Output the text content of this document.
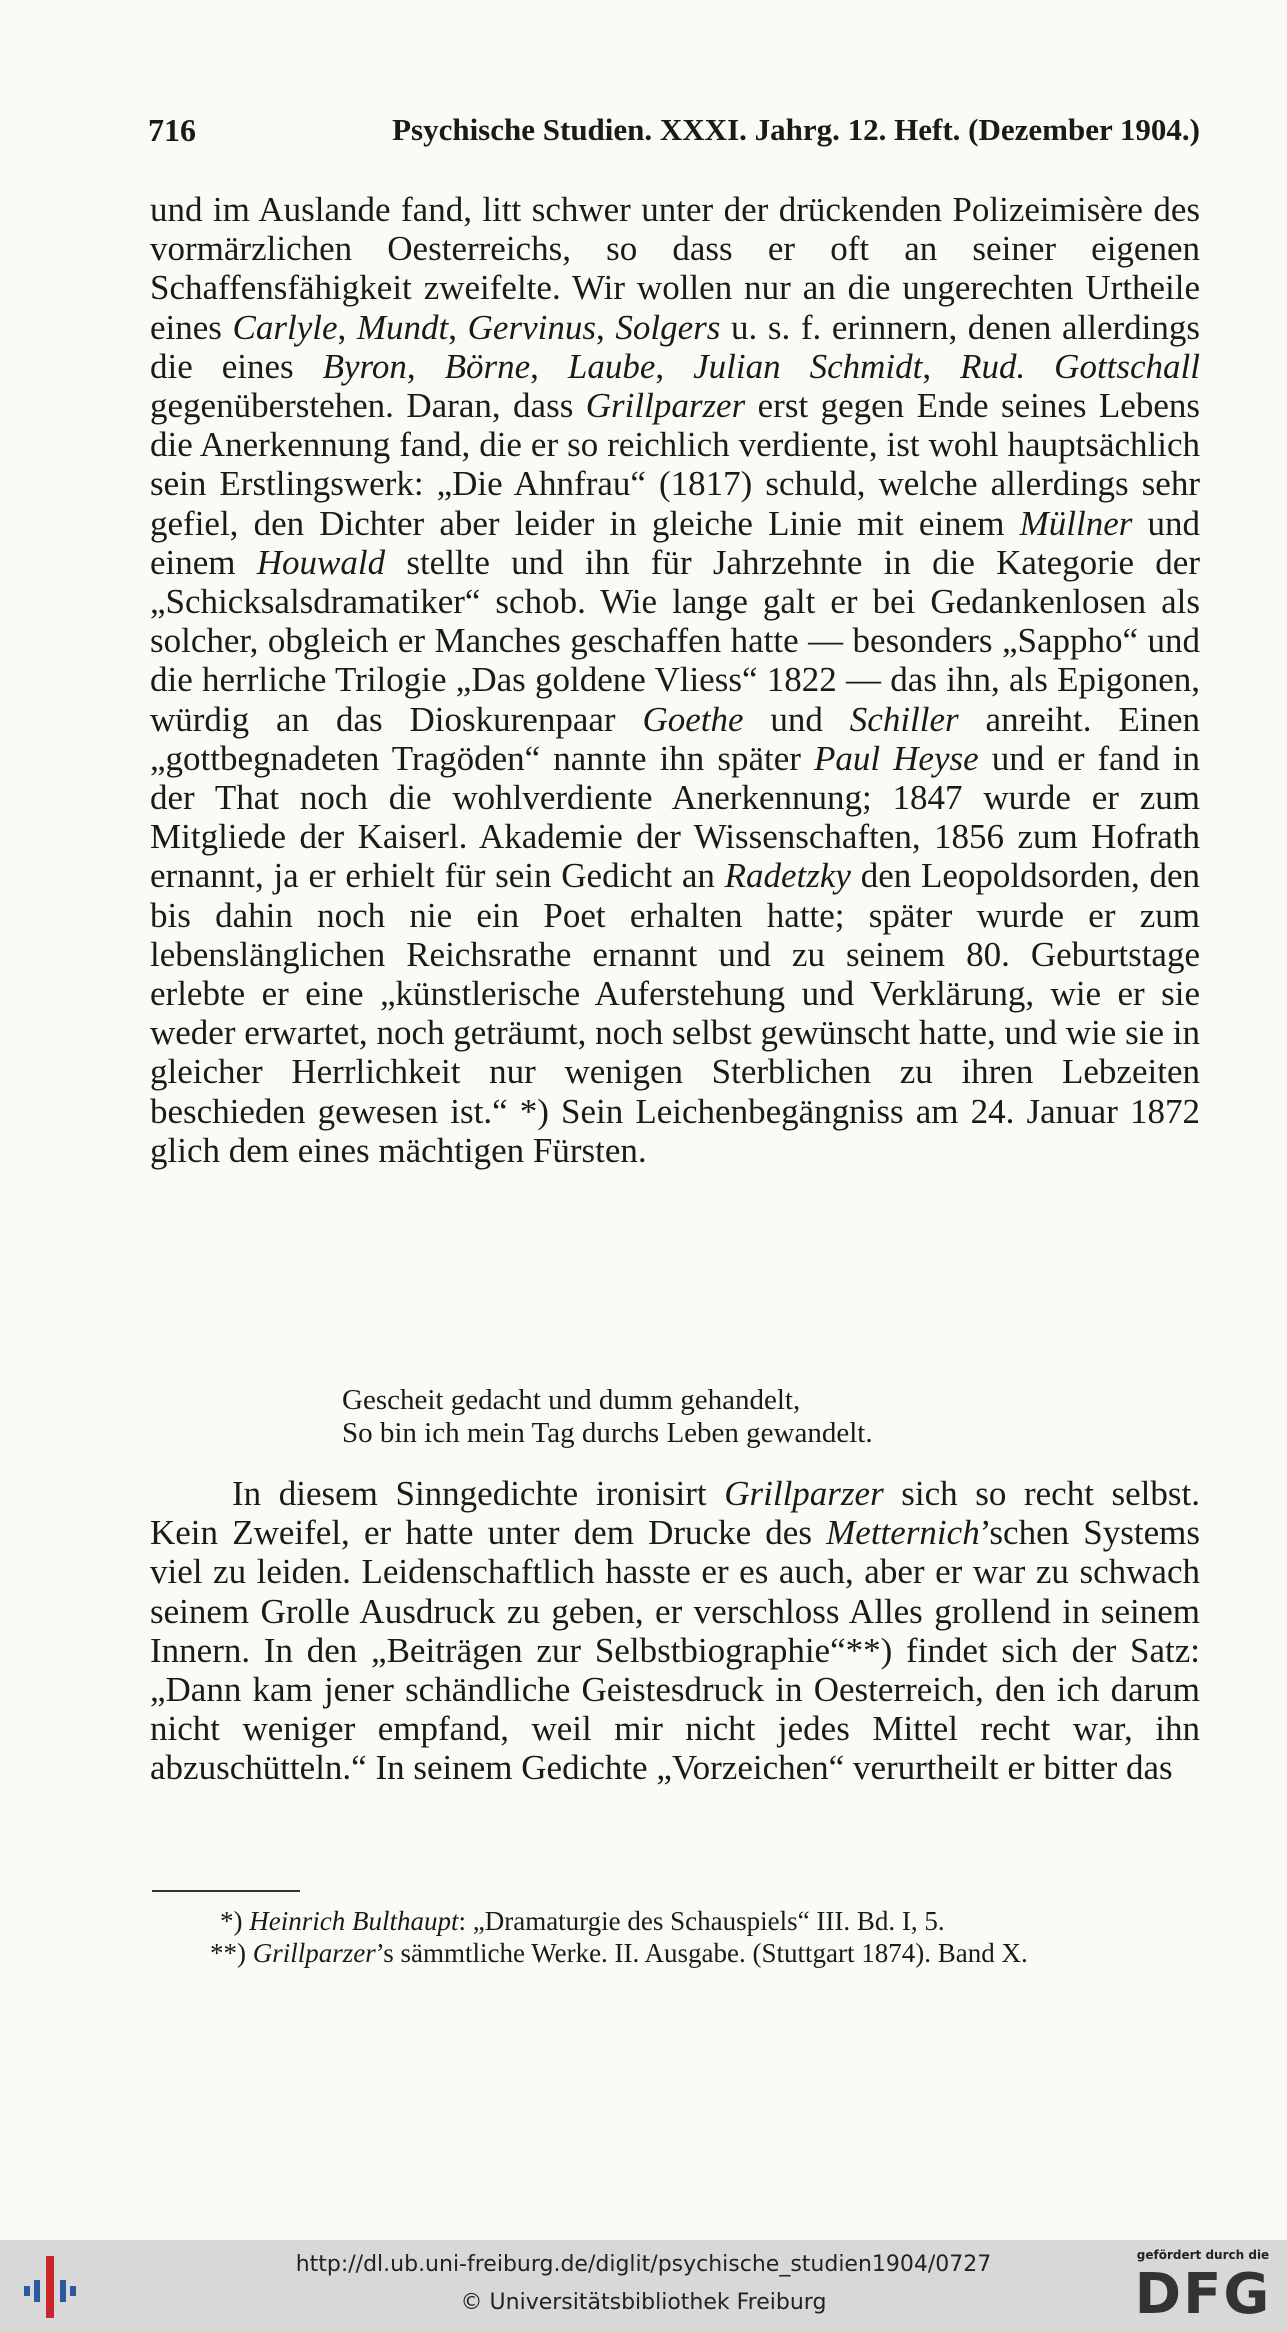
716	Psychische Studien. XXXI. Jahrg. 12. Heft. (Dezember 1904.)

und im Auslande fand, litt schwer unter der drückenden Polizeimisère des vormärzlichen Oesterreichs, so dass er oft an seiner eigenen Schaffensfähigkeit zweifelte. Wir wollen nur an die ungerechten Urtheile eines Carlyle, Mundt, Gervinus, Solgers u. s. f. erinnern, denen allerdings die eines Byron, Börne, Laube, Julian Schmidt, Rud. Gottschall gegenüberstehen. Daran, dass Grillparzer erst gegen Ende seines Lebens die Anerkennung fand, die er so reichlich verdiente, ist wohl hauptsächlich sein Erstlingswerk: „Die Ahnfrau“ (1817) schuld, welche allerdings sehr gefiel, den Dichter aber leider in gleiche Linie mit einem Müllner und einem Houwald stellte und ihn für Jahrzehnte in die Kategorie der „Schicksalsdramatiker“ schob. Wie lange galt er bei Gedankenlosen als solcher, obgleich er Manches geschaffen hatte — besonders „Sappho“ und die herrliche Trilogie „Das goldene Vliess“ 1822 — das ihn, als Epigonen, würdig an das Dioskurenpaar Goethe und Schiller anreiht. Einen „gottbegnadeten Tragöden“ nannte ihn später Paul Heyse und er fand in der That noch die wohlverdiente Anerkennung; 1847 wurde er zum Mitgliede der Kaiserl. Akademie der Wissenschaften, 1856 zum Hofrath ernannt, ja er erhielt für sein Gedicht an Radetzky den Leopoldsorden, den bis dahin noch nie ein Poet erhalten hatte; später wurde er zum lebenslänglichen Reichsrathe ernannt und zu seinem 80. Geburtstage erlebte er eine „künstlerische Auferstehung und Verklärung, wie er sie weder erwartet, noch geträumt, noch selbst gewünscht hatte, und wie sie in gleicher Herrlichkeit nur wenigen Sterblichen zu ihren Lebzeiten beschieden gewesen ist.“ *) Sein Leichenbegängniss am 24. Januar 1872 glich dem eines mächtigen Fürsten.

Gescheit gedacht und dumm gehandelt,
So bin ich mein Tag durchs Leben gewandelt.

In diesem Sinngedichte ironisirt Grillparzer sich so recht selbst. Kein Zweifel, er hatte unter dem Drucke des Metternich’schen Systems viel zu leiden. Leidenschaftlich hasste er es auch, aber er war zu schwach seinem Grolle Ausdruck zu geben, er verschloss Alles grollend in seinem Innern. In den „Beiträgen zur Selbstbiographie“**) findet sich der Satz: „Dann kam jener schändliche Geistesdruck in Oesterreich, den ich darum nicht weniger empfand, weil mir nicht jedes Mittel recht war, ihn abzuschütteln.“ In seinem Gedichte „Vorzeichen“ verurtheilt er bitter das

*) Heinrich Bulthaupt: „Dramaturgie des Schauspiels“ III. Bd. I, 5.
**) Grillparzer’s sämmtliche Werke. II. Ausgabe. (Stuttgart 1874). Band X.
http://dl.ub.uni-freiburg.de/diglit/psychische_studien1904/0727
© Universitätsbibliothek Freiburg
gefördert durch die
DFG
